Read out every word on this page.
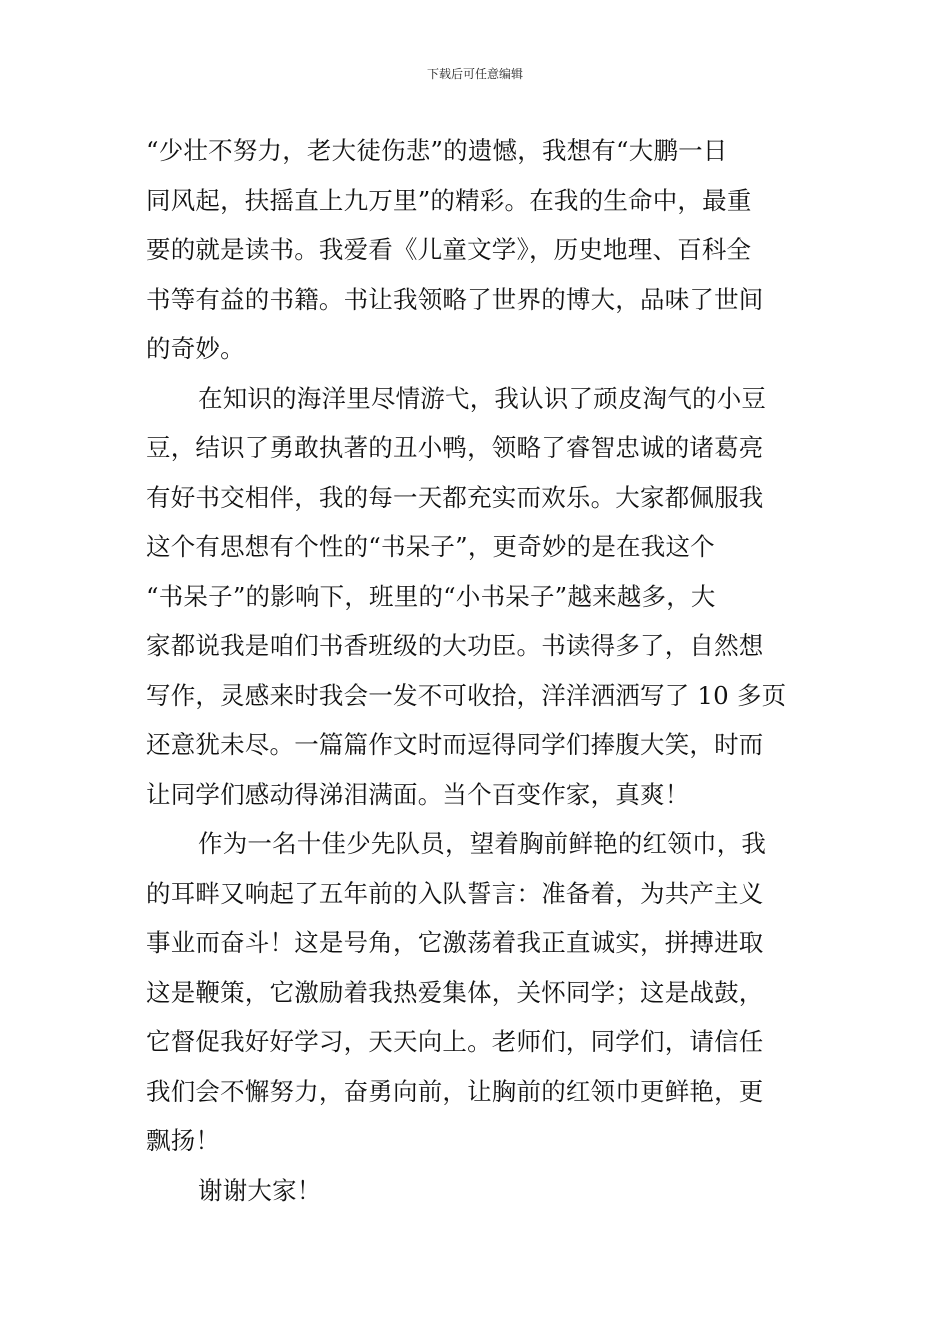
下载后可任意编辑
“少壮不努力，老大徒伤悲”的遗憾，我想有“大鹏一日
同风起，扶摇直上九万里”的精彩。在我的生命中，最重
要的就是读书。我爱看《儿童文学》，历史地理、百科全
书等有益的书籍。书让我领略了世界的博大，品味了世间
的奇妙。
在知识的海洋里尽情游弋，我认识了顽皮淘气的小豆
豆，结识了勇敢执著的丑小鸭，领略了睿智忠诚的诸葛亮
有好书交相伴，我的每一天都充实而欢乐。大家都佩服我
这个有思想有个性的“书呆子”，更奇妙的是在我这个
“书呆子”的影响下，班里的“小书呆子”越来越多，大
家都说我是咱们书香班级的大功臣。书读得多了，自然想
写作，灵感来时我会一发不可收拾，洋洋洒洒写了 10 多页
还意犹未尽。一篇篇作文时而逗得同学们捧腹大笑，时而
让同学们感动得涕泪满面。当个百变作家，真爽！
作为一名十佳少先队员，望着胸前鲜艳的红领巾，我
的耳畔又响起了五年前的入队誓言：准备着，为共产主义
事业而奋斗！这是号角，它激荡着我正直诚实，拼搏进取
这是鞭策，它激励着我热爱集体，关怀同学；这是战鼓，
它督促我好好学习，天天向上。老师们，同学们，请信任
我们会不懈努力，奋勇向前，让胸前的红领巾更鲜艳，更
飘扬！
谢谢大家！
